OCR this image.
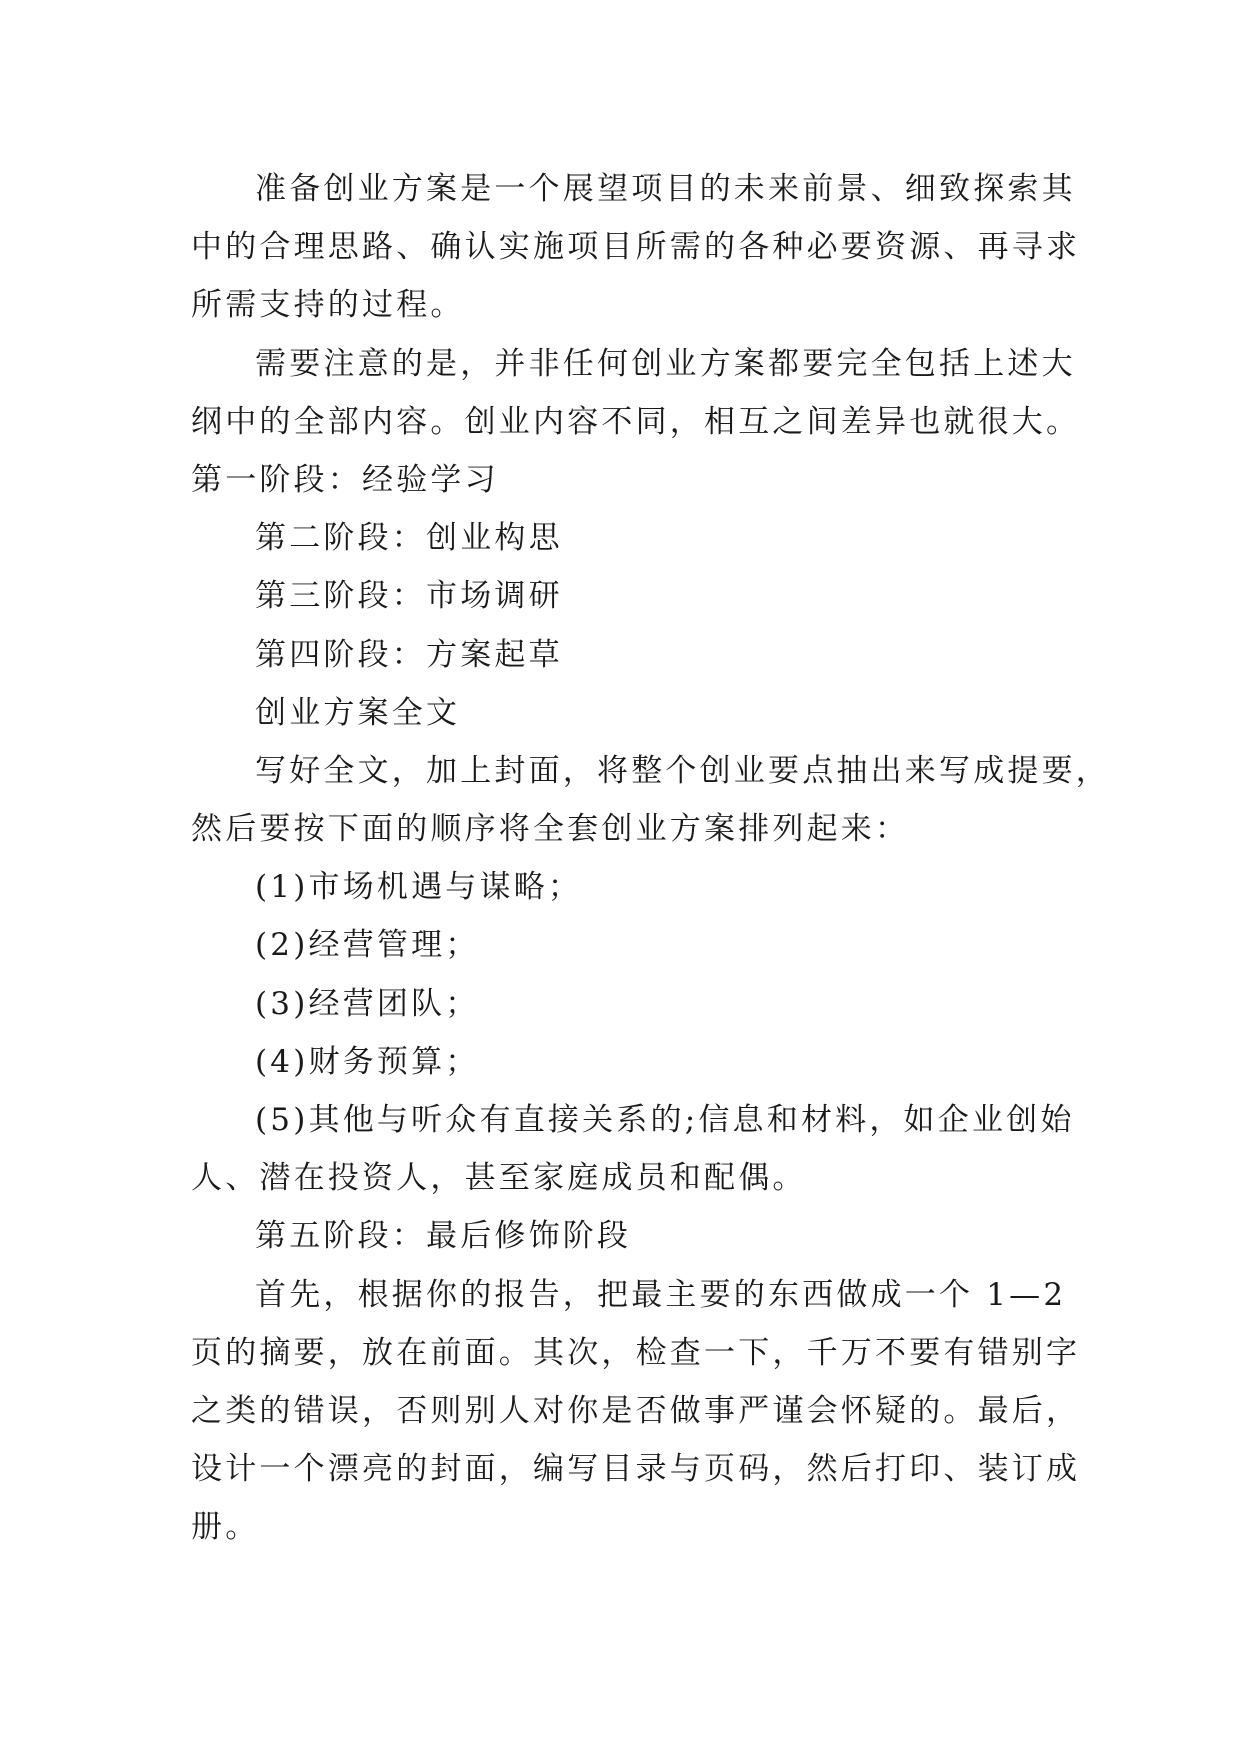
准备创业方案是一个展望项目的未来前景、细致探索其
中的合理思路、确认实施项目所需的各种必要资源、再寻求
所需支持的过程。
需要注意的是，并非任何创业方案都要完全包括上述大
纲中的全部内容。创业内容不同，相互之间差异也就很大。
第一阶段：经验学习
第二阶段：创业构思
第三阶段：市场调研
第四阶段：方案起草
创业方案全文
写好全文，加上封面，将整个创业要点抽出来写成提要，
然后要按下面的顺序将全套创业方案排列起来：
(1)市场机遇与谋略；
(2)经营管理；
(3)经营团队；
(4)财务预算；
(5)其他与听众有直接关系的;信息和材料，如企业创始
人、潜在投资人，甚至家庭成员和配偶。
第五阶段：最后修饰阶段
首先，根据你的报告，把最主要的东西做成一个 1—2
页的摘要，放在前面。其次，检查一下，千万不要有错别字
之类的错误，否则别人对你是否做事严谨会怀疑的。最后，
设计一个漂亮的封面，编写目录与页码，然后打印、装订成
册。
